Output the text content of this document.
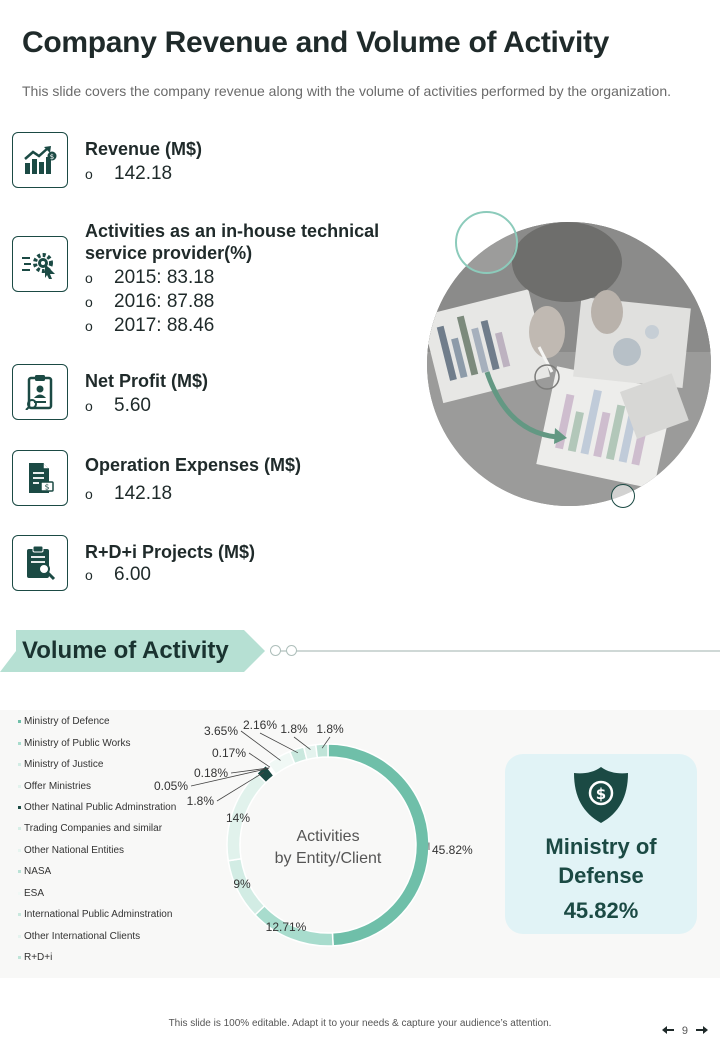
Company Revenue and Volume of Activity
This slide covers the company revenue along with the volume of activities performed by the organization.
$ Revenue (M$)
o 142.18
Activities as an in-house technical service provider(%)
o 2015: 83.18
o 2016: 87.88
o 2017: 88.46
Net Profit (M$)
o 5.60
$
Operation Expenses (M$)
o 142.18
R+D+i Projects (M$)
o 6.00
Volume of Activity
Ministry of Defence
Ministry of Public Works
Ministry of Justice
Offer Ministries
Other Natinal Public Adminstration
Trading Companies and similar
Other National Entities
NASA
ESA
International Public Adminstration
Other International Clients
R+D+i
45.82%
12.71%
9%
14%
1.8%
0.05%
0.18%
0.17%
3.65% 2.16% 1.8% 1.8%
Activities
by Entity/Client
$
Ministry of Defense
45.82%
This slide is 100% editable. Adapt it to your needs & capture your audience’s attention.
9
